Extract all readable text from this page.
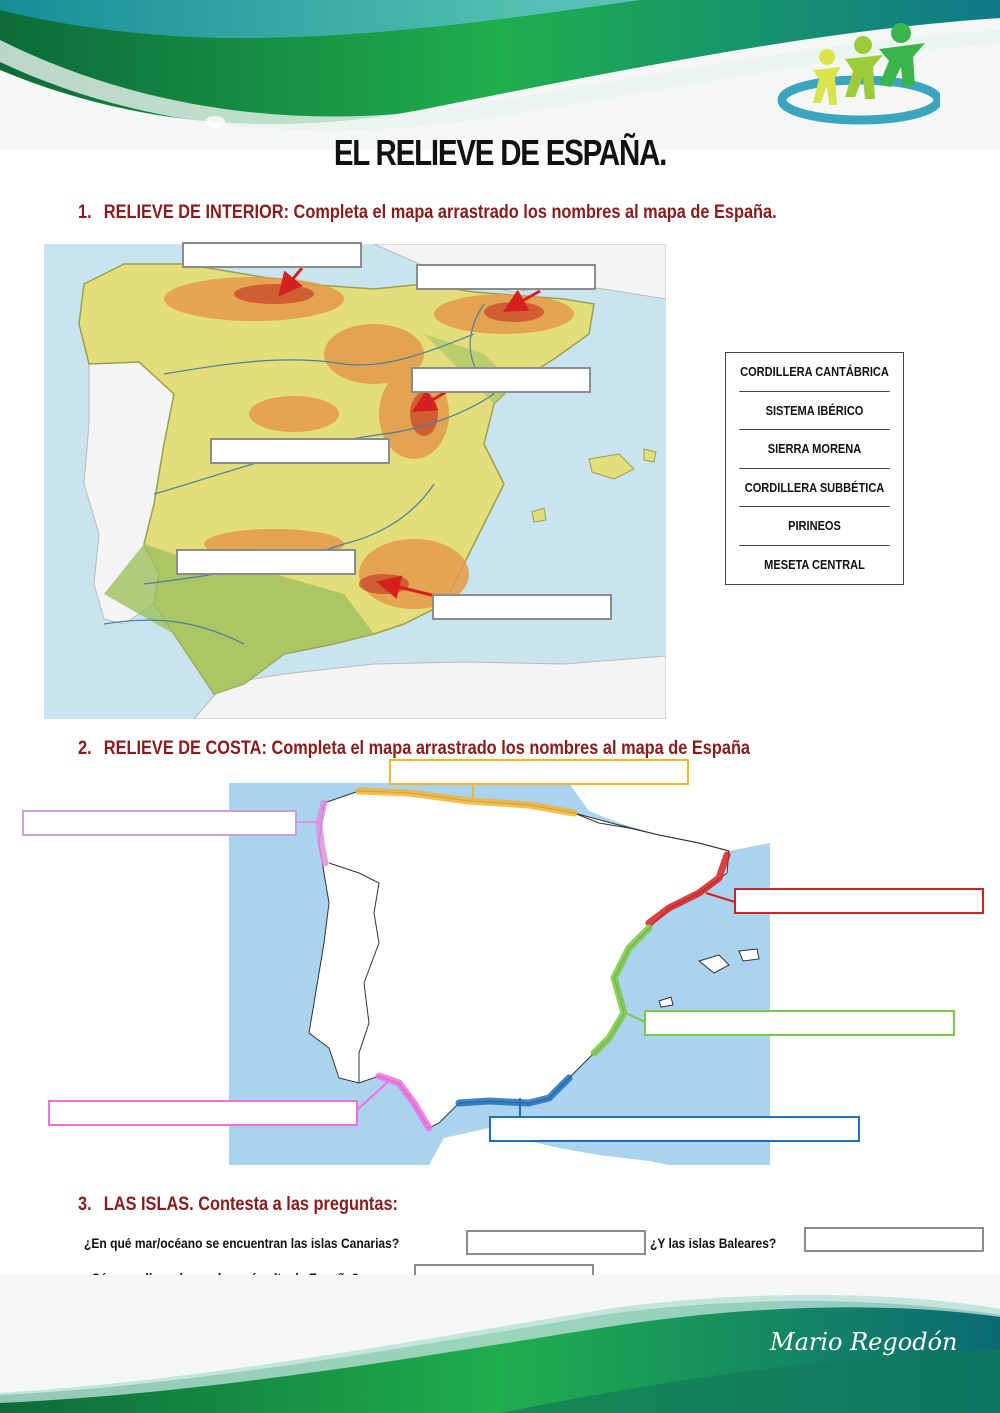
EL RELIEVE DE ESPAÑA.
1. RELIEVE DE INTERIOR: Completa el mapa arrastrado los nombres al mapa de España.
CORDILLERA CANTÁBRICA
SISTEMA IBÉRICO
SIERRA MORENA
CORDILLERA SUBBÉTICA
PIRINEOS
MESETA CENTRAL
2. RELIEVE DE COSTA: Completa el mapa arrastrado los nombres al mapa de España
3. LAS ISLAS. Contesta a las preguntas:
¿En qué mar/océano se encuentran las islas Canarias?	¿Y las islas Baleares?
Mario Regodón
